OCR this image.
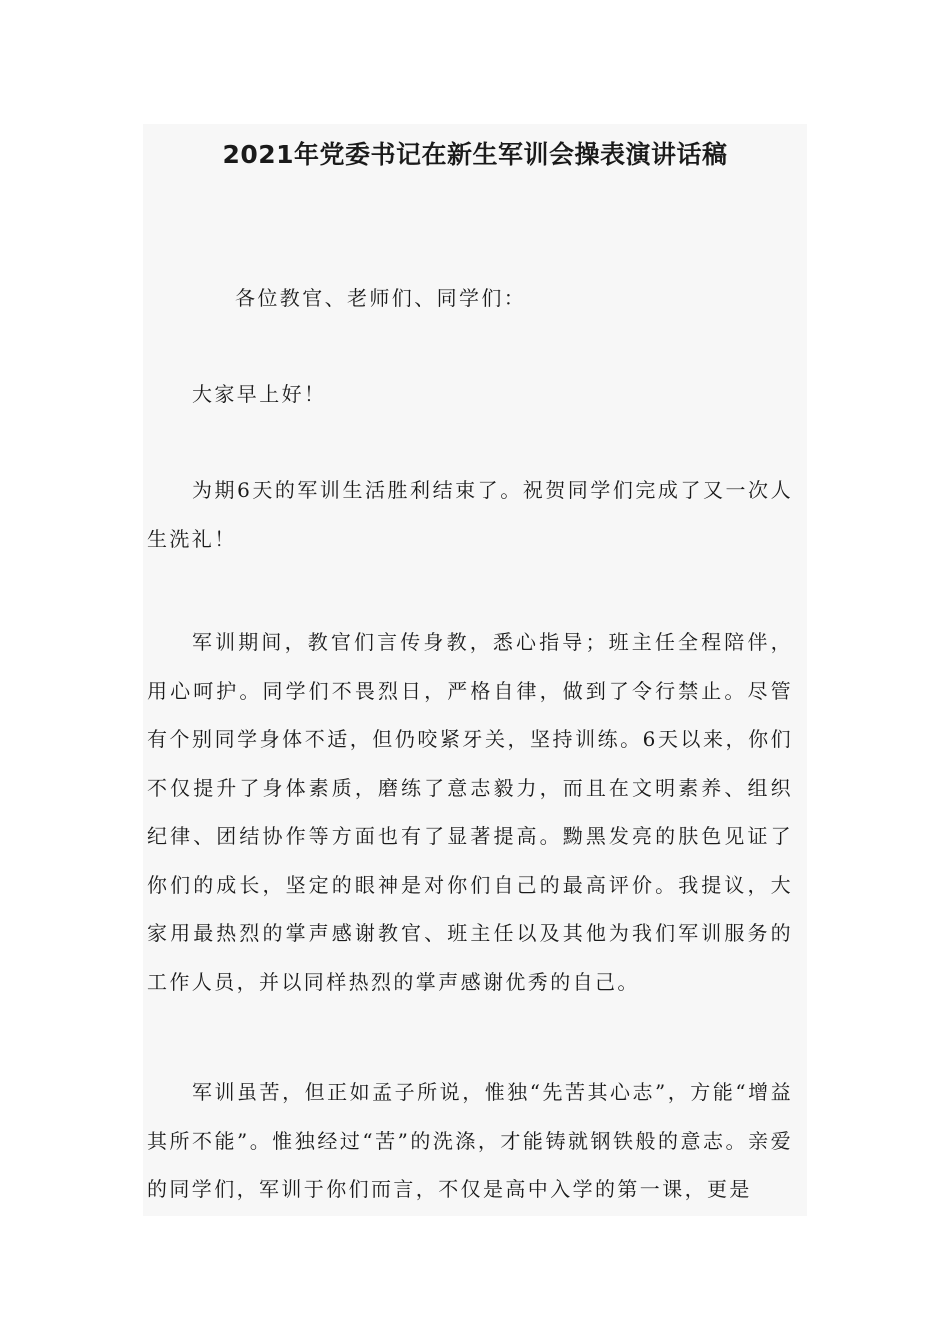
2021年党委书记在新生军训会操表演讲话稿

各位教官、老师们、同学们：

大家早上好！

为期6天的军训生活胜利结束了。祝贺同学们完成了又一次人生洗礼！

军训期间，教官们言传身教，悉心指导；班主任全程陪伴，用心呵护。同学们不畏烈日，严格自律，做到了令行禁止。尽管有个别同学身体不适，但仍咬紧牙关，坚持训练。6天以来，你们不仅提升了身体素质，磨练了意志毅力，而且在文明素养、组织纪律、团结协作等方面也有了显著提高。黝黑发亮的肤色见证了你们的成长，坚定的眼神是对你们自己的最高评价。我提议，大家用最热烈的掌声感谢教官、班主任以及其他为我们军训服务的工作人员，并以同样热烈的掌声感谢优秀的自己。

军训虽苦，但正如孟子所说，惟独“先苦其心志”，方能“增益其所不能”。惟独经过“苦”的洗涤，才能铸就钢铁般的意志。亲爱的同学们，军训于你们而言，不仅是高中入学的第一课，更是
